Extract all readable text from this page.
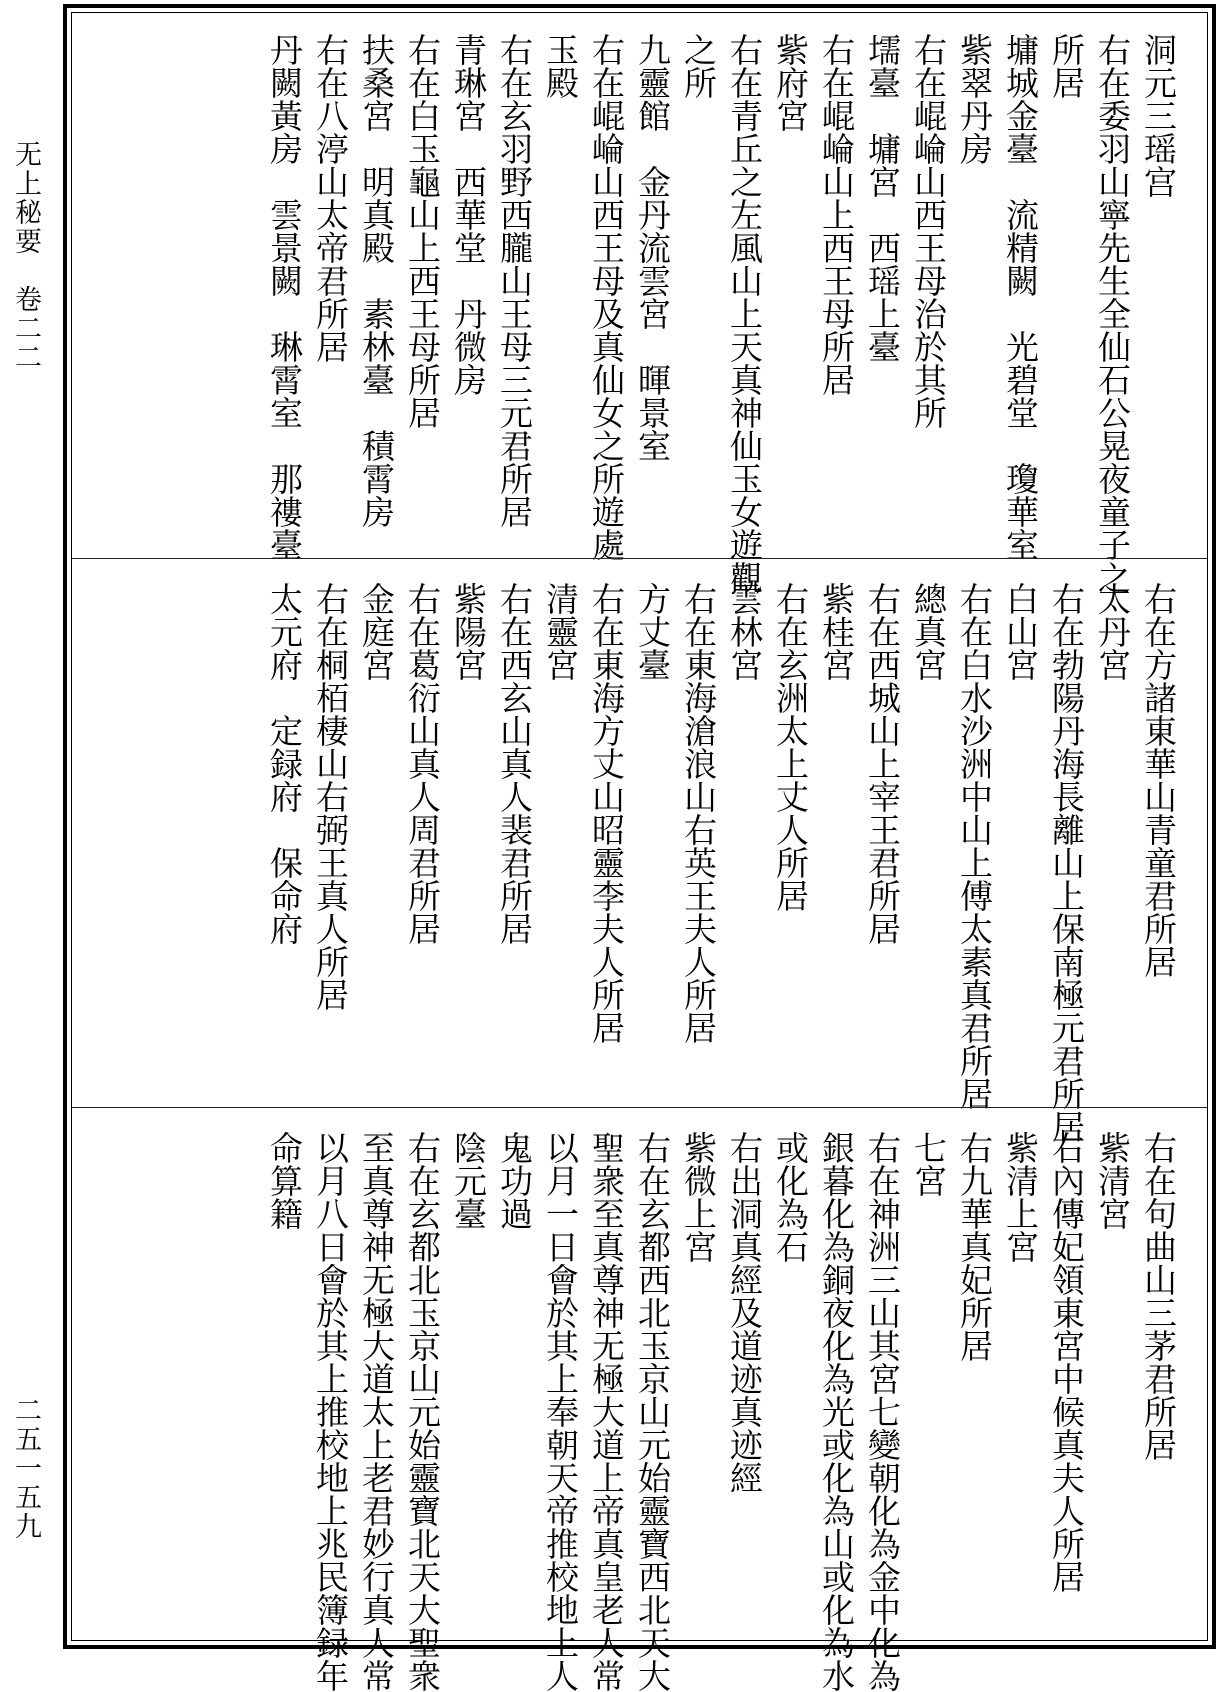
无上秘要　卷二二
二五一五九
洞元三瑶宫
右在委羽山寧先生全仙石公晃夜童子之
所居
墉城金臺　流精闕　光碧堂　瓊華室
紫翠丹房
右在崐崘山西王母治於其所
壖臺　墉宮　西瑶上臺
右在崐崘山上西王母所居
紫府宮
右在青丘之左風山上天真神仙玉女遊觀
之所
九靈館　金丹流雲宮　暉景室
右在崐崘山西王母及真仙女之所遊處
玉殿
右在玄羽野西朧山王母三元君所居
青琳宮　西華堂　丹微房
右在白玉龜山上西王母所居
扶桑宮　明真殿　素林臺　積霄房
右在八渟山太帝君所居
丹闕黃房　雲景闕　琳霄室　那䄛臺
右在方諸東華山青童君所居
太丹宮
右在勃陽丹海長離山上保南極元君所居
白山宮
右在白水沙洲中山上傅太素真君所居
總真宮
右在西城山上宰王君所居
紫桂宮
右在玄洲太上丈人所居
雲林宮
右在東海滄浪山右英王夫人所居
方丈臺
右在東海方丈山昭靈李夫人所居
清靈宮
右在西玄山真人裴君所居
紫陽宮
右在葛衍山真人周君所居
金庭宮
右在桐栢棲山右弼王真人所居
太元府　定録府　保命府
右在句曲山三茅君所居
紫清宮
右內傳妃領東宮中候真夫人所居
紫清上宮
右九華真妃所居
七宮
右在神洲三山其宮七變朝化為金中化為
銀暮化為銅夜化為光或化為山或化為水
或化為石
右出洞真經及道迹真迹經
紫微上宮
右在玄都西北玉京山元始靈寶西北天大
聖衆至真尊神无極大道上帝真皇老人常
以月一日會於其上奉朝天帝推校地上人
鬼功過
陰元臺
右在玄都北玉京山元始靈寶北天大聖衆
至真尊神无極大道太上老君妙行真人常
以月八日會於其上推校地上兆民簿録年
命算籍
